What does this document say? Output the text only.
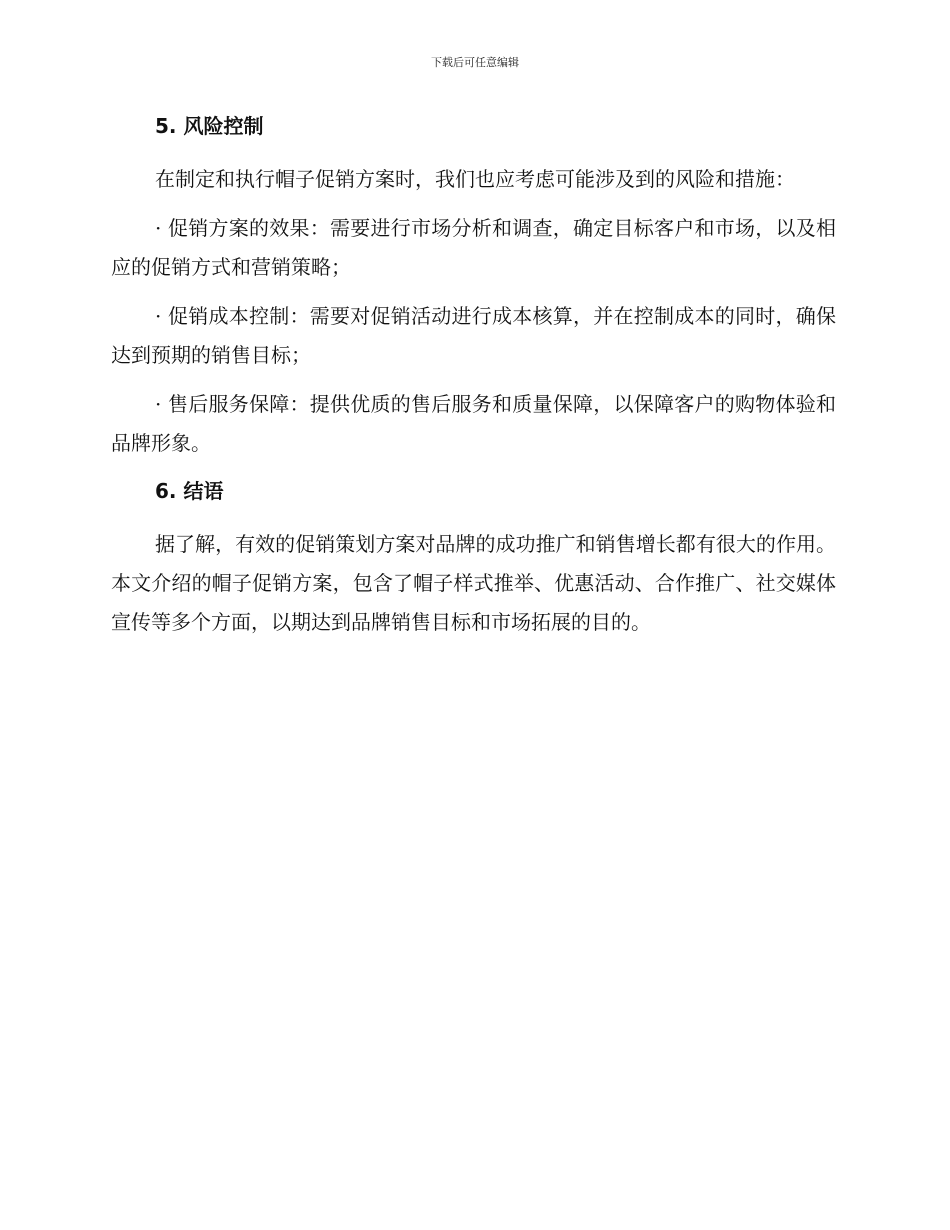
下载后可任意编辑
5. 风险控制

在制定和执行帽子促销方案时，我们也应考虑可能涉及到的风险和措施：

· 促销方案的效果：需要进行市场分析和调查，确定目标客户和市场，以及相应的促销方式和营销策略；

· 促销成本控制：需要对促销活动进行成本核算，并在控制成本的同时，确保达到预期的销售目标；

· 售后服务保障：提供优质的售后服务和质量保障，以保障客户的购物体验和品牌形象。

6. 结语

据了解，有效的促销策划方案对品牌的成功推广和销售增长都有很大的作用。本文介绍的帽子促销方案，包含了帽子样式推举、优惠活动、合作推广、社交媒体宣传等多个方面，以期达到品牌销售目标和市场拓展的目的。
